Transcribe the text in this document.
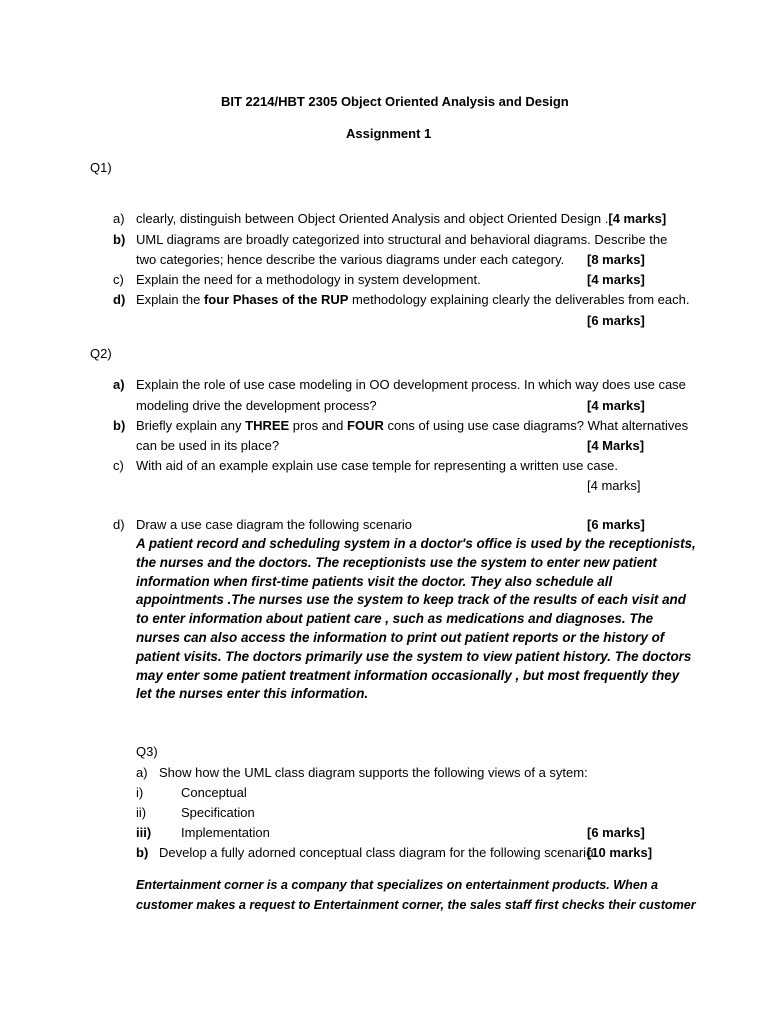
BIT 2214/HBT 2305 Object Oriented Analysis and Design
Assignment 1
Q1)
a) clearly, distinguish between Object Oriented Analysis and object Oriented Design .[4 marks]
b) UML diagrams are broadly categorized into structural and behavioral diagrams. Describe the
two categories; hence describe the various diagrams under each category. [8 marks]
c) Explain the need for a methodology in system development.	[4 marks]
d) Explain the four Phases of the RUP methodology explaining clearly the deliverables from each.
[6 marks]
Q2)
a) Explain the role of use case modeling in OO development process. In which way does use case
modeling drive the development process?	[4 marks]
b) Briefly explain any THREE pros and FOUR cons of using use case diagrams? What alternatives
can be used in its place?	[4 Marks]
c) With aid of an example explain use case temple for representing a written use case.
[4 marks]
d) Draw a use case diagram the following scenario	[6 marks]
A patient record and scheduling system in a doctor's office is used by the receptionists, the nurses and the doctors. The receptionists use the system to enter new patient information when first-time patients visit the doctor. They also schedule all appointments .The nurses use the system to keep track of the results of each visit and to enter information about patient care , such as medications and diagnoses. The nurses can also access the information to print out patient reports or the history of patient visits. The doctors primarily use the system to view patient history. The doctors may enter some patient treatment information occasionally , but most frequently they let the nurses enter this information.
Q3)
a) Show how the UML class diagram supports the following views of a sytem:
i)	Conceptual
ii)	Specification
iii) Implementation	[6 marks]
b) Develop a fully adorned conceptual class diagram for the following scenario.
[10 marks]
Entertainment corner is a company that specializes on entertainment products. When a customer makes a request to Entertainment corner, the sales staff first checks their customer
